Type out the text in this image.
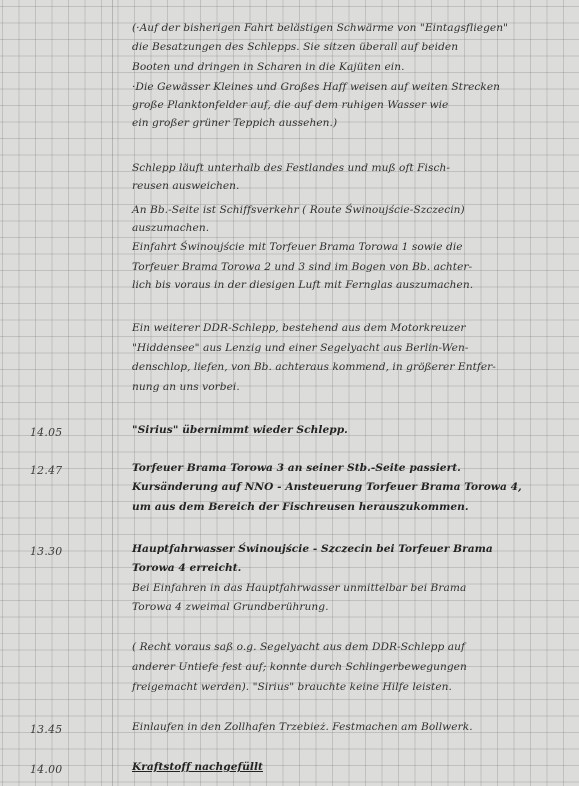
(·Auf der bisherigen Fahrt belästigen Schwärme von "Eintagsfliegen"
die Besatzungen des Schlepps. Sie sitzen überall auf beiden
Booten und dringen in Scharen in die Kajüten ein.
·Die Gewässer Kleines und Großes Haff weisen auf weiten Strecken
große Planktonfelder auf, die auf dem ruhigen Wasser wie
ein großer grüner Teppich aussehen.)
Schlepp läuft unterhalb des Festlandes und muß oft Fisch-
reusen ausweichen.
An Bb.-Seite ist Schiffsverkehr ( Route Świnoujście-Szczecin)
auszumachen.
Einfahrt Świnoujście mit Torfeuer Brama Torowa 1 sowie die
Torfeuer Brama Torowa 2 und 3 sind im Bogen von Bb. achter-
lich bis voraus in der diesigen Luft mit Fernglas auszumachen.
Ein weiterer DDR-Schlepp, bestehend aus dem Motorkreuzer
"Hiddensee" aus Lenzig und einer Segelyacht aus Berlin-Wen-
denschlop, liefen, von Bb. achteraus kommend, in größerer Entfer-
nung an uns vorbei.
14.05	"Sirius" übernimmt wieder Schlepp.
12.47	Torfeuer Brama Torowa 3 an seiner Stb.-Seite passiert.
Kursänderung auf NNO - Ansteuerung Torfeuer Brama Torowa 4,
um aus dem Bereich der Fischreusen herauszukommen.
13.30	Hauptfahrwasser Świnoujście - Szczecin bei Torfeuer Brama
Torowa 4 erreicht.
Bei Einfahren in das Hauptfahrwasser unmittelbar bei Brama
Torowa 4 zweimal Grundberührung.
( Recht voraus saß o.g. Segelyacht aus dem DDR-Schlepp auf
anderer Untiefe fest auf; konnte durch Schlingerbewegungen
freigemacht werden). "Sirius" brauchte keine Hilfe leisten.
13.45	Einlaufen in den Zollhafen Trzebież. Festmachen am Bollwerk.
14.00	Kraftstoff nachgefüllt
